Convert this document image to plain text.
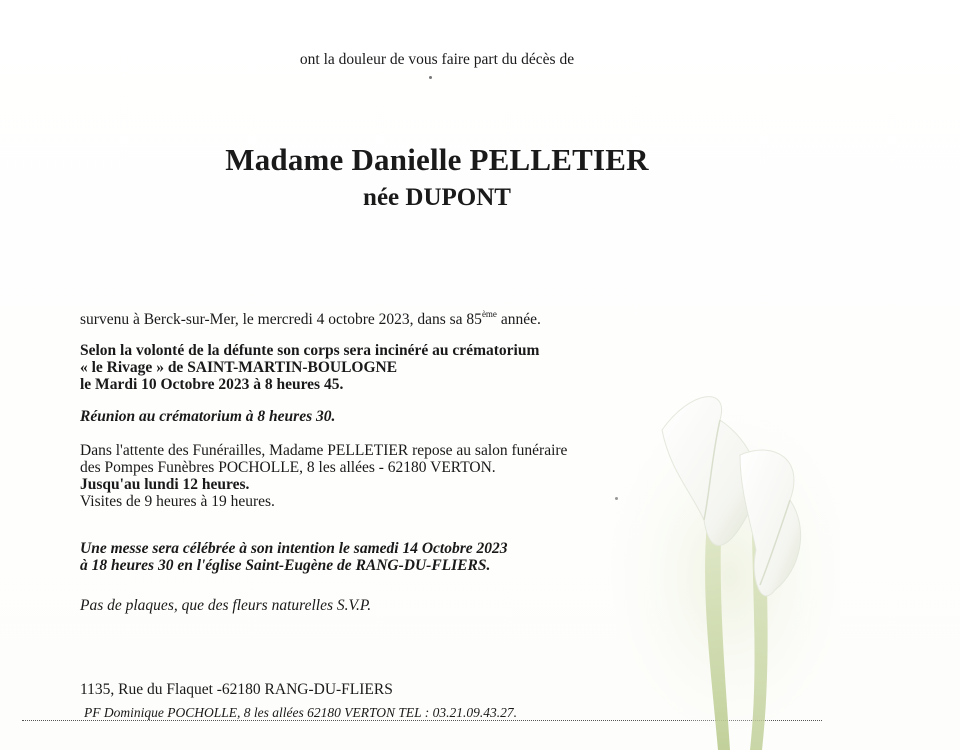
ont la douleur de vous faire part du décès de
Madame Danielle PELLETIER
née DUPONT
survenu à Berck-sur-Mer, le mercredi 4 octobre 2023, dans sa 85ème année.
Selon la volonté de la défunte son corps sera incinéré au crématorium
« le Rivage » de SAINT-MARTIN-BOULOGNE
le Mardi 10 Octobre 2023 à 8 heures 45.
Réunion au crématorium à 8 heures 30.
Dans l'attente des Funérailles, Madame PELLETIER repose au salon funéraire
des Pompes Funèbres POCHOLLE, 8 les allées - 62180 VERTON.
Jusqu'au lundi 12 heures.
Visites de 9 heures à 19 heures.
Une messe sera célébrée à son intention le samedi 14 Octobre 2023
à 18 heures 30 en l'église Saint-Eugène de RANG-DU-FLIERS.
Pas de plaques, que des fleurs naturelles S.V.P.
1135, Rue du Flaquet -62180 RANG-DU-FLIERS
PF Dominique POCHOLLE, 8 les allées 62180 VERTON TEL : 03.21.09.43.27.
